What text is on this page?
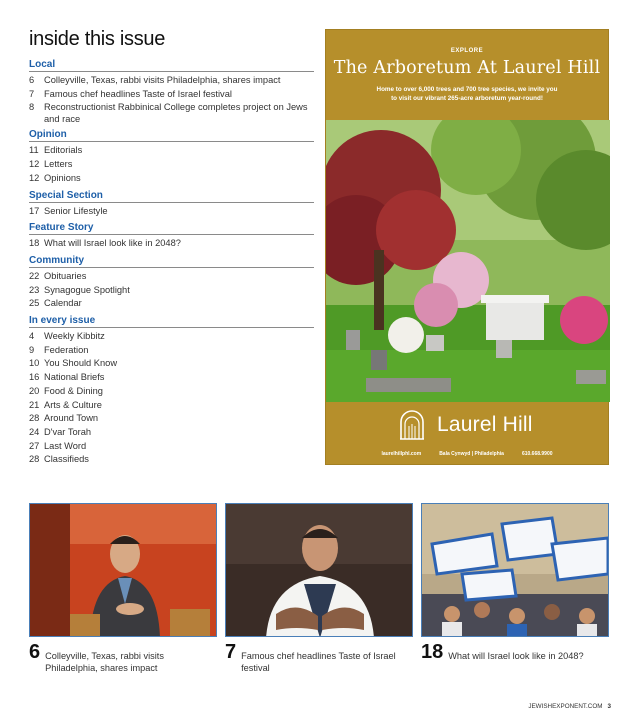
inside this issue
Local
6	Colleyville, Texas, rabbi visits Philadelphia, shares impact
7	Famous chef headlines Taste of Israel festival
8	Reconstructionist Rabbinical College completes project on Jews and race
Opinion
11 Editorials
12 Letters
12 Opinions
Special Section
17 Senior Lifestyle
Feature Story
18 What will Israel look like in 2048?
Community
22 Obituaries
23 Synagogue Spotlight
25 Calendar
In every issue
4	Weekly Kibbitz
9	Federation
10 You Should Know
16 National Briefs
20 Food & Dining
21 Arts & Culture
28 Around Town
24 D'var Torah
27 Last Word
28 Classifieds
EXPLORE
The Arboretum At Laurel Hill
Home to over 6,000 trees and 700 tree species, we invite you
to visit our vibrant 265-acre arboretum year-round!
Laurel Hill
laurelhillphl.com	Bala Cynwyd | Philadelphia	610.668.9900
6 Colleyville, Texas, rabbi visits Philadelphia, shares impact
7 Famous chef headlines Taste of Israel festival
18 What will Israel look like in 2048?
JEWISHEXPONENT.COM 3
